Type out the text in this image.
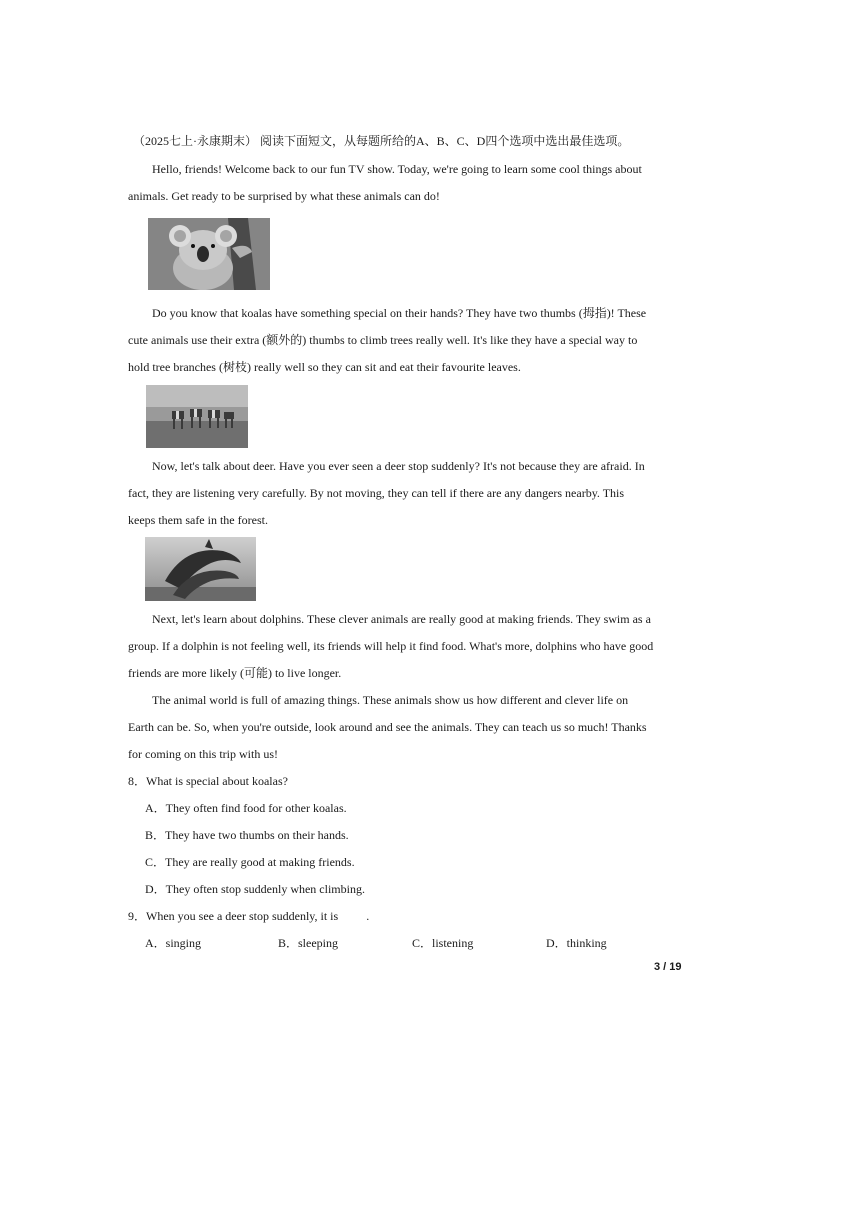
（2025七上·永康期末） 阅读下面短文，从每题所给的A、B、C、D四个选项中选出最佳选项。
Hello, friends! Welcome back to our fun TV show. Today, we're going to learn some cool things about
animals. Get ready to be surprised by what these animals can do!
Do you know that koalas have something special on their hands? They have two thumbs (拇指)! These
cute animals use their extra (额外的) thumbs to climb trees really well. It's like they have a special way to
hold tree branches (树枝) really well so they can sit and eat their favourite leaves.
Now, let's talk about deer. Have you ever seen a deer stop suddenly? It's not because they are afraid. In
fact, they are listening very carefully. By not moving, they can tell if there are any dangers nearby. This
keeps them safe in the forest.
Next, let's learn about dolphins. These clever animals are really good at making friends. They swim as a
group. If a dolphin is not feeling well, its friends will help it find food. What's more, dolphins who have good
friends are more likely (可能) to live longer.
The animal world is full of amazing things. These animals show us how different and clever life on
Earth can be. So, when you're outside, look around and see the animals. They can teach us so much! Thanks
for coming on this trip with us!
8．What is special about koalas?
A．They often find food for other koalas.
B．They have two thumbs on their hands.
C．They are really good at making friends.
D．They often stop suddenly when climbing.
9．When you see a deer stop suddenly, it is .
A．singing	B．sleeping	C．listening	D．thinking
3 / 19
